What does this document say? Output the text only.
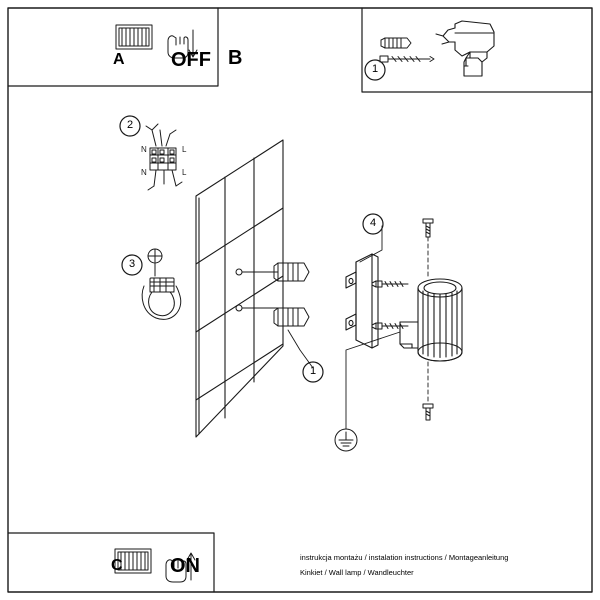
N
N
L
L
A OFF B
C ON
1
2
3
1
4
instrukcja montażu / instalation instructions / Montageanleitung
Kinkiet / Wall lamp / Wandleuchter
